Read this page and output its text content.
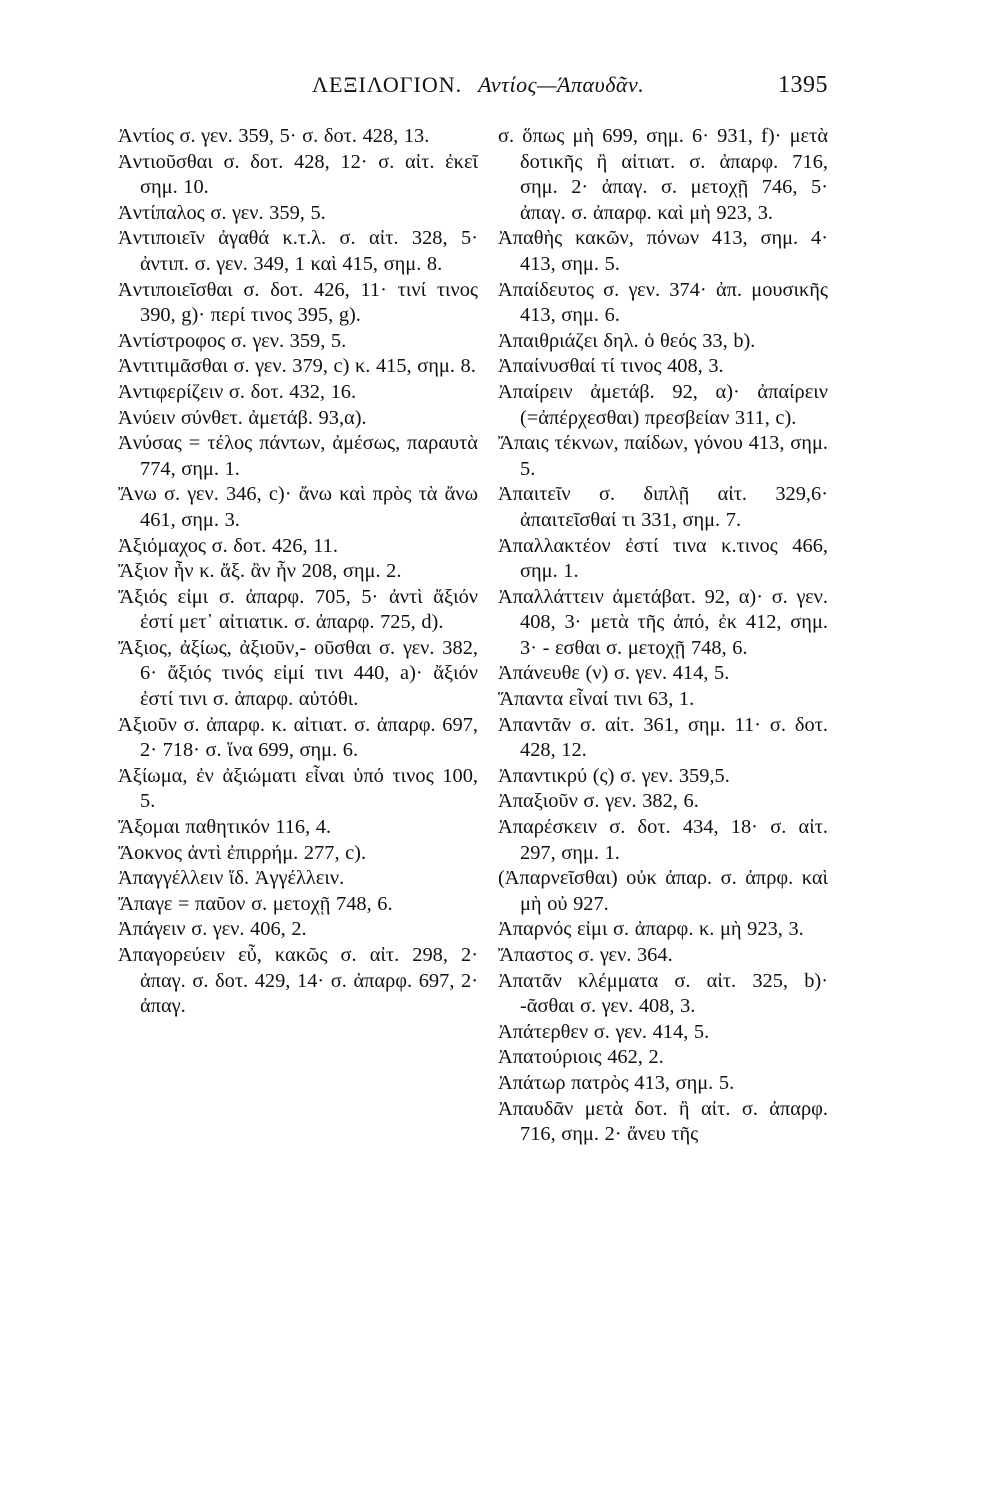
ΛΕΞΙΛΟΓΙΟΝ. Αντίος—Άπαυδᾶν.	1395

Ἀντίος σ. γεν. 359, 5· σ. δοτ. 428, 13.

Ἀντιοῦσθαι σ. δοτ. 428, 12· σ. αἰτ. ἐκεῖ σημ. 10.

Ἀντίπαλος σ. γεν. 359, 5.

Ἀντιποιεῖν ἀγαθά κ.τ.λ. σ. αἰτ. 328, 5· ἀντιπ. σ. γεν. 349, 1 καὶ 415, σημ. 8.

Ἀντιποιεῖσθαι σ. δοτ. 426, 11· τινί τινος 390, g)· περί τινος 395, g).

Ἀντίστροφος σ. γεν. 359, 5.

Ἀντιτιμᾶσθαι σ. γεν. 379, c) κ. 415, σημ. 8.

Ἀντιφερίζειν σ. δοτ. 432, 16.

Ἀνύειν σύνθετ. ἀμετάβ. 93,α).

Ἀνύσας = τέλος πάντων, ἀμέσως, παραυτὰ 774, σημ. 1.

Ἄνω σ. γεν. 346, c)· ἄνω καὶ πρὸς τὰ ἄνω 461, σημ. 3.

Ἀξιόμαχος σ. δοτ. 426, 11.

Ἄξιον ἦν κ. ἄξ. ἂν ἦν 208, σημ. 2.

Ἄξιός εἰμι σ. ἀπαρφ. 705, 5· ἀντὶ ἄξιόν ἐστί μετ᾽ αἰτιατικ. σ. ἀπαρφ. 725, d).

Ἄξιος, ἀξίως, ἀξιοῦν,- οῦσθαι σ. γεν. 382, 6· ἄξιός τινός εἰμί τινι 440, a)· ἄξιόν ἐστί τινι σ. ἀπαρφ. αὐτόθι.

Ἀξιοῦν σ. ἀπαρφ. κ. αἰτιατ. σ. ἀπαρφ. 697, 2· 718· σ. ἵνα 699, σημ. 6.

Ἀξίωμα, ἐν ἀξιώματι εἶναι ὑπό τινος 100, 5.

Ἄξομαι παθητικόν 116, 4.

Ἄοκνος ἀντὶ ἐπιρρήμ. 277, c).

Ἀπαγγέλλειν ἴδ. Ἀγγέλλειν.

Ἄπαγε = παῦον σ. μετοχῇ 748, 6.

Ἀπάγειν σ. γεν. 406, 2.

Ἀπαγορεύειν εὖ, κακῶς σ. αἰτ. 298, 2· ἀπαγ. σ. δοτ. 429, 14· σ. ἀπαρφ. 697, 2· ἀπαγ.

σ. ὅπως μὴ 699, σημ. 6· 931, f)· μετὰ δοτικῆς ἢ αἰτιατ. σ. ἀπαρφ. 716, σημ. 2· ἀπαγ. σ. μετοχῇ 746, 5· ἀπαγ. σ. ἀπαρφ. καὶ μὴ 923, 3.

Ἀπαθὴς κακῶν, πόνων 413, σημ. 4· 413, σημ. 5.

Ἀπαίδευτος σ. γεν. 374· ἀπ. μουσικῆς 413, σημ. 6.

Ἀπαιθριάζει δηλ. ὁ θεός 33, b).

Ἀπαίνυσθαί τί τινος 408, 3.

Ἀπαίρειν ἀμετάβ. 92, α)· ἀπαίρειν (=ἀπέρχεσθαι) πρεσβείαν 311, c).

Ἄπαις τέκνων, παίδων, γόνου 413, σημ. 5.

Ἀπαιτεῖν σ. διπλῇ αἰτ. 329,6· ἀπαιτεῖσθαί τι 331, σημ. 7.

Ἀπαλλακτέον ἐστί τινα κ.τινος 466, σημ. 1.

Ἀπαλλάττειν ἀμετάβατ. 92, α)· σ. γεν. 408, 3· μετὰ τῆς ἀπό, ἐκ 412, σημ. 3· - εσθαι σ. μετοχῇ 748, 6.

Ἀπάνευθε (ν) σ. γεν. 414, 5.

Ἅπαντα εἶναί τινι 63, 1.

Ἀπαντᾶν σ. αἰτ. 361, σημ. 11· σ. δοτ. 428, 12.

Ἀπαντικρύ (ς) σ. γεν. 359,5.

Ἀπαξιοῦν σ. γεν. 382, 6.

Ἀπαρέσκειν σ. δοτ. 434, 18· σ. αἰτ. 297, σημ. 1.

(Ἀπαρνεῖσθαι) οὐκ ἀπαρ. σ. ἀπρφ. καὶ μὴ οὐ 927.

Ἀπαρνός εἰμι σ. ἀπαρφ. κ. μὴ 923, 3.

Ἄπαστος σ. γεν. 364.

Ἀπατᾶν κλέμματα σ. αἰτ. 325, b)· -ᾶσθαι σ. γεν. 408, 3.

Ἀπάτερθεν σ. γεν. 414, 5.

Ἀπατούριοις 462, 2.

Ἀπάτωρ πατρὸς 413, σημ. 5.

Ἀπαυδᾶν μετὰ δοτ. ἢ αἰτ. σ. ἀπαρφ. 716, σημ. 2· ἄνευ τῆς
